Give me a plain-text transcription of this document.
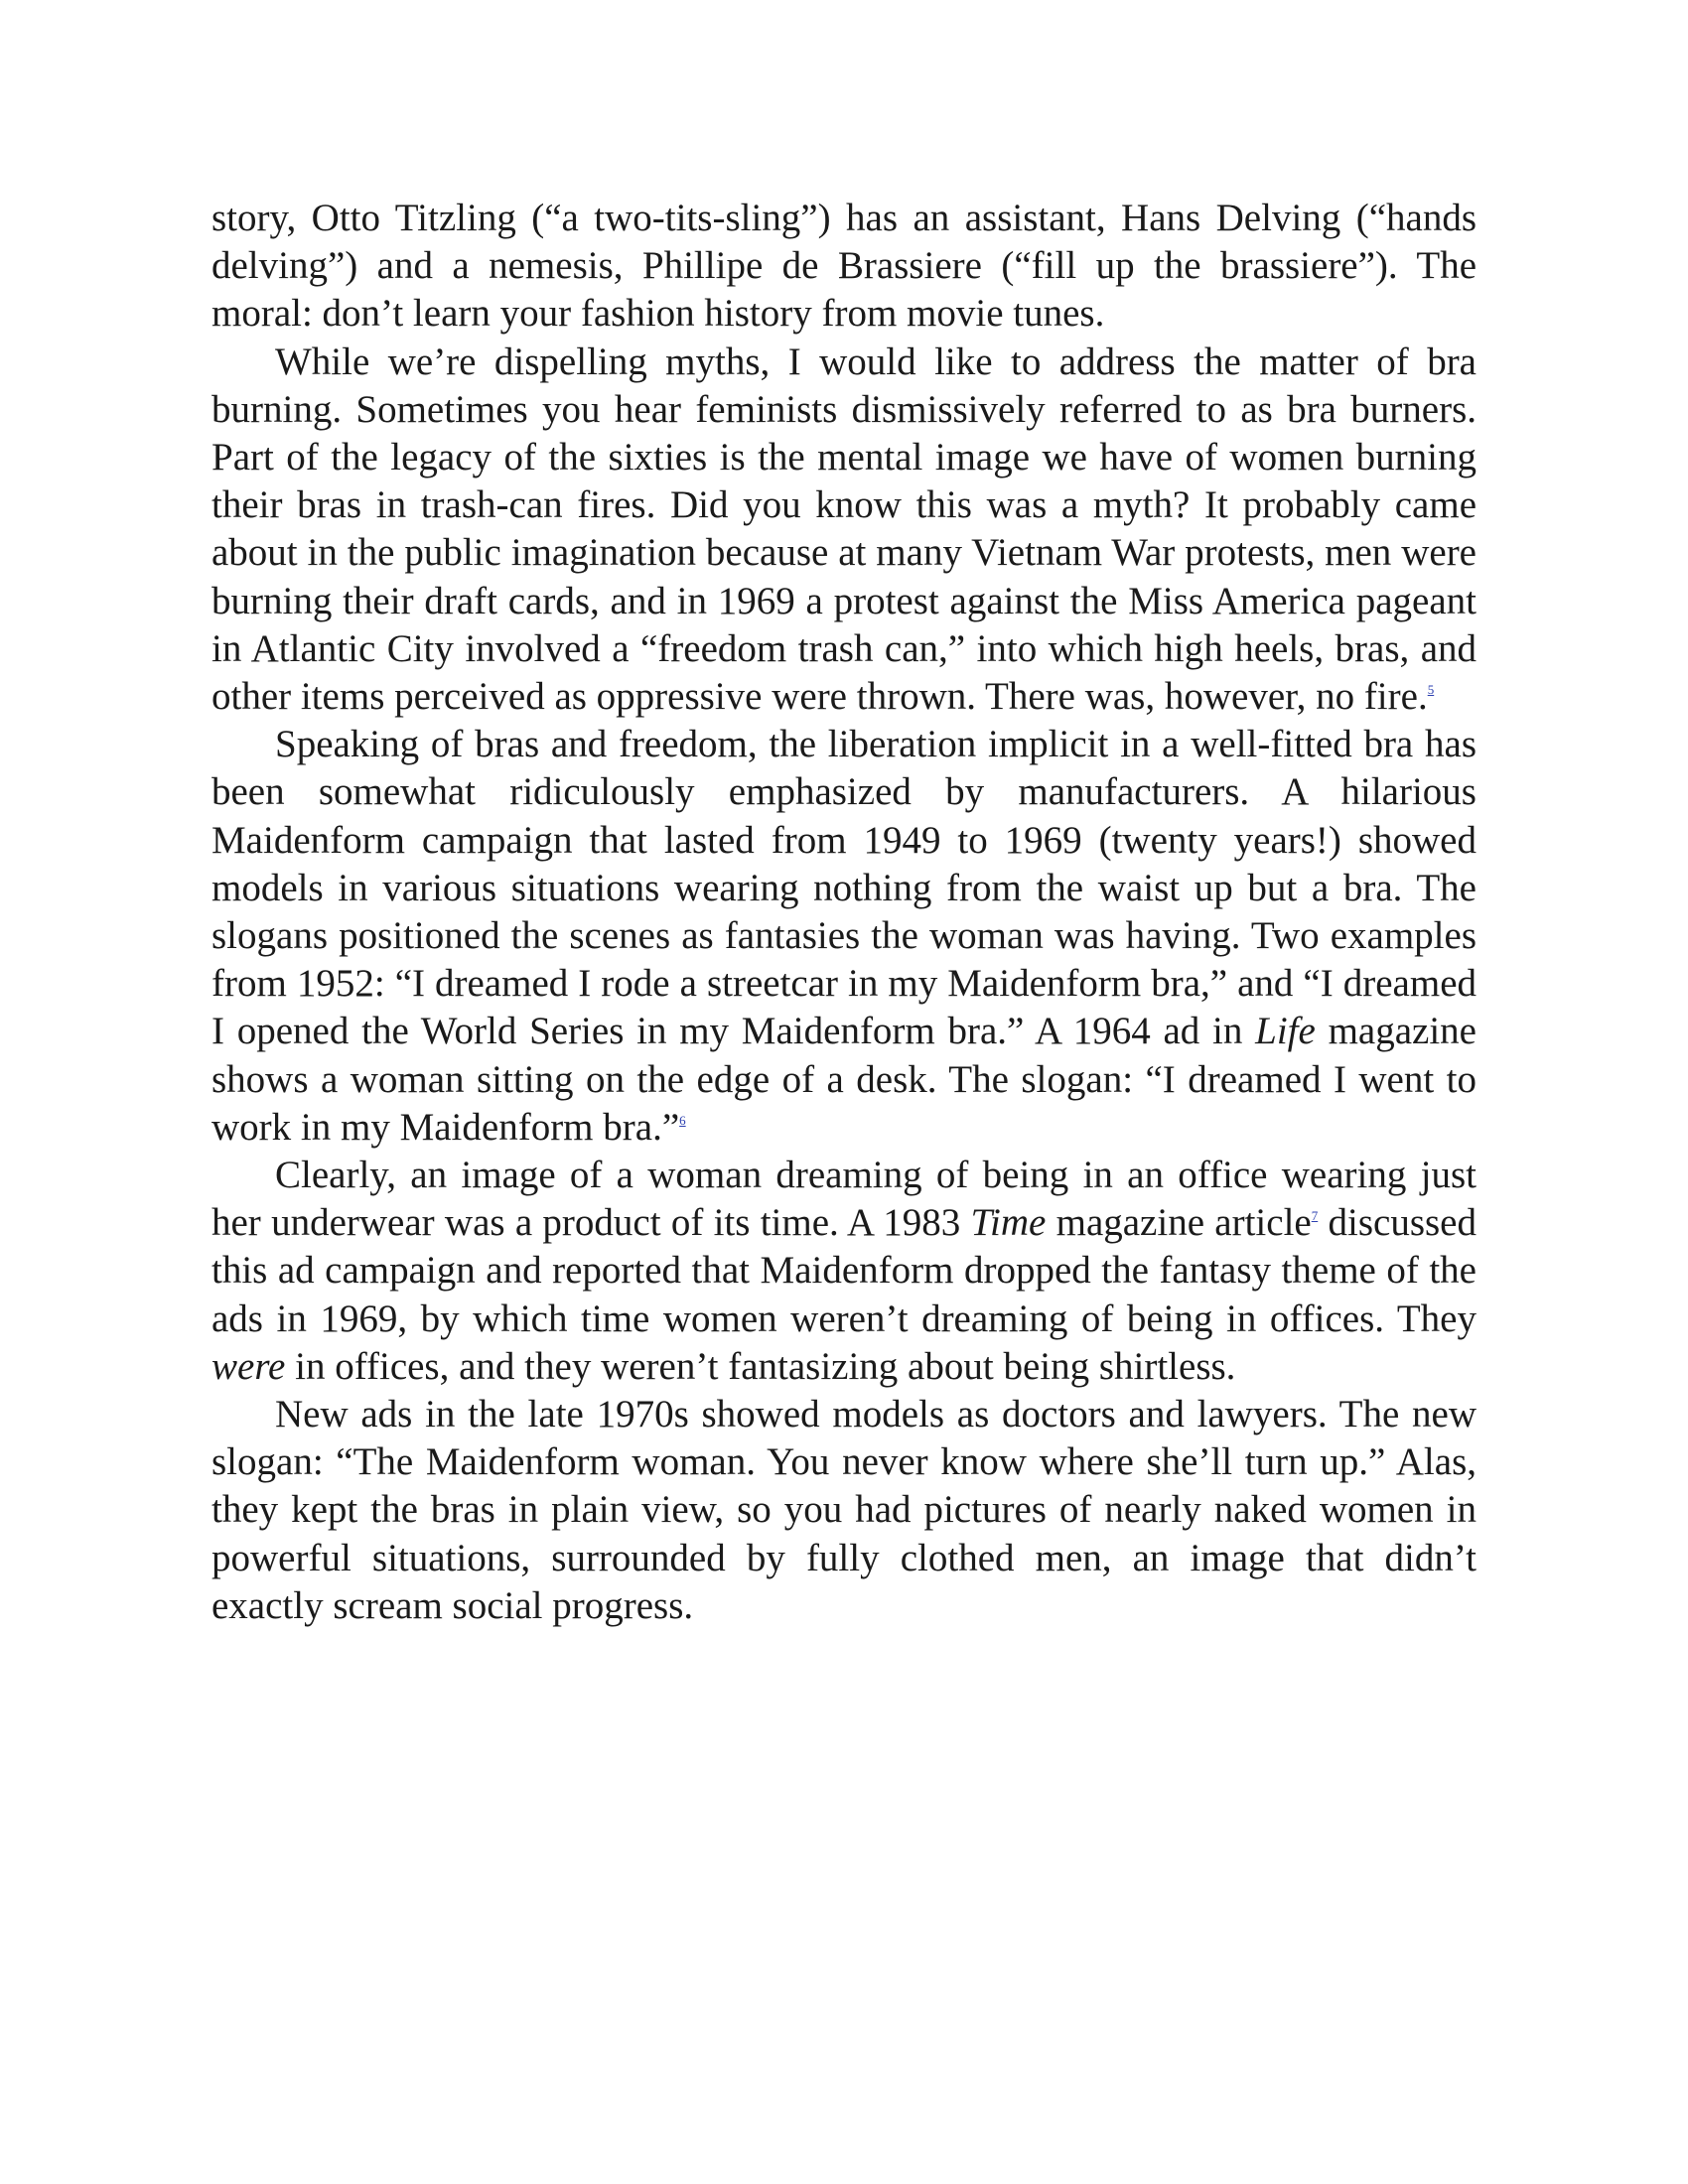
story, Otto Titzling (“a two-tits-sling”) has an assistant, Hans Delving (“hands delving”) and a nemesis, Phillipe de Brassiere (“fill up the brassiere”). The moral: don’t learn your fashion history from movie tunes.

While we’re dispelling myths, I would like to address the matter of bra burning. Sometimes you hear feminists dismissively referred to as bra burners. Part of the legacy of the sixties is the mental image we have of women burning their bras in trash-can fires. Did you know this was a myth? It probably came about in the public imagination because at many Vietnam War protests, men were burning their draft cards, and in 1969 a protest against the Miss America pageant in Atlantic City involved a “freedom trash can,” into which high heels, bras, and other items perceived as oppressive were thrown. There was, however, no fire.$^5$

Speaking of bras and freedom, the liberation implicit in a well-fitted bra has been somewhat ridiculously emphasized by manufacturers. A hilarious Maidenform campaign that lasted from 1949 to 1969 (twenty years!) showed models in various situations wearing nothing from the waist up but a bra. The slogans positioned the scenes as fantasies the woman was having. Two examples from 1952: “I dreamed I rode a streetcar in my Maidenform bra,” and “I dreamed I opened the World Series in my Maidenform bra.” A 1964 ad in Life magazine shows a woman sitting on the edge of a desk. The slogan: “I dreamed I went to work in my Maidenform bra.”$^6$

Clearly, an image of a woman dreaming of being in an office wearing just her underwear was a product of its time. A 1983 Time magazine article$^7$ discussed this ad campaign and reported that Maidenform dropped the fantasy theme of the ads in 1969, by which time women weren’t dreaming of being in offices. They were in offices, and they weren’t fantasizing about being shirtless.

New ads in the late 1970s showed models as doctors and lawyers. The new slogan: “The Maidenform woman. You never know where she’ll turn up.” Alas, they kept the bras in plain view, so you had pictures of nearly naked women in powerful situations, surrounded by fully clothed men, an image that didn’t exactly scream social progress.
